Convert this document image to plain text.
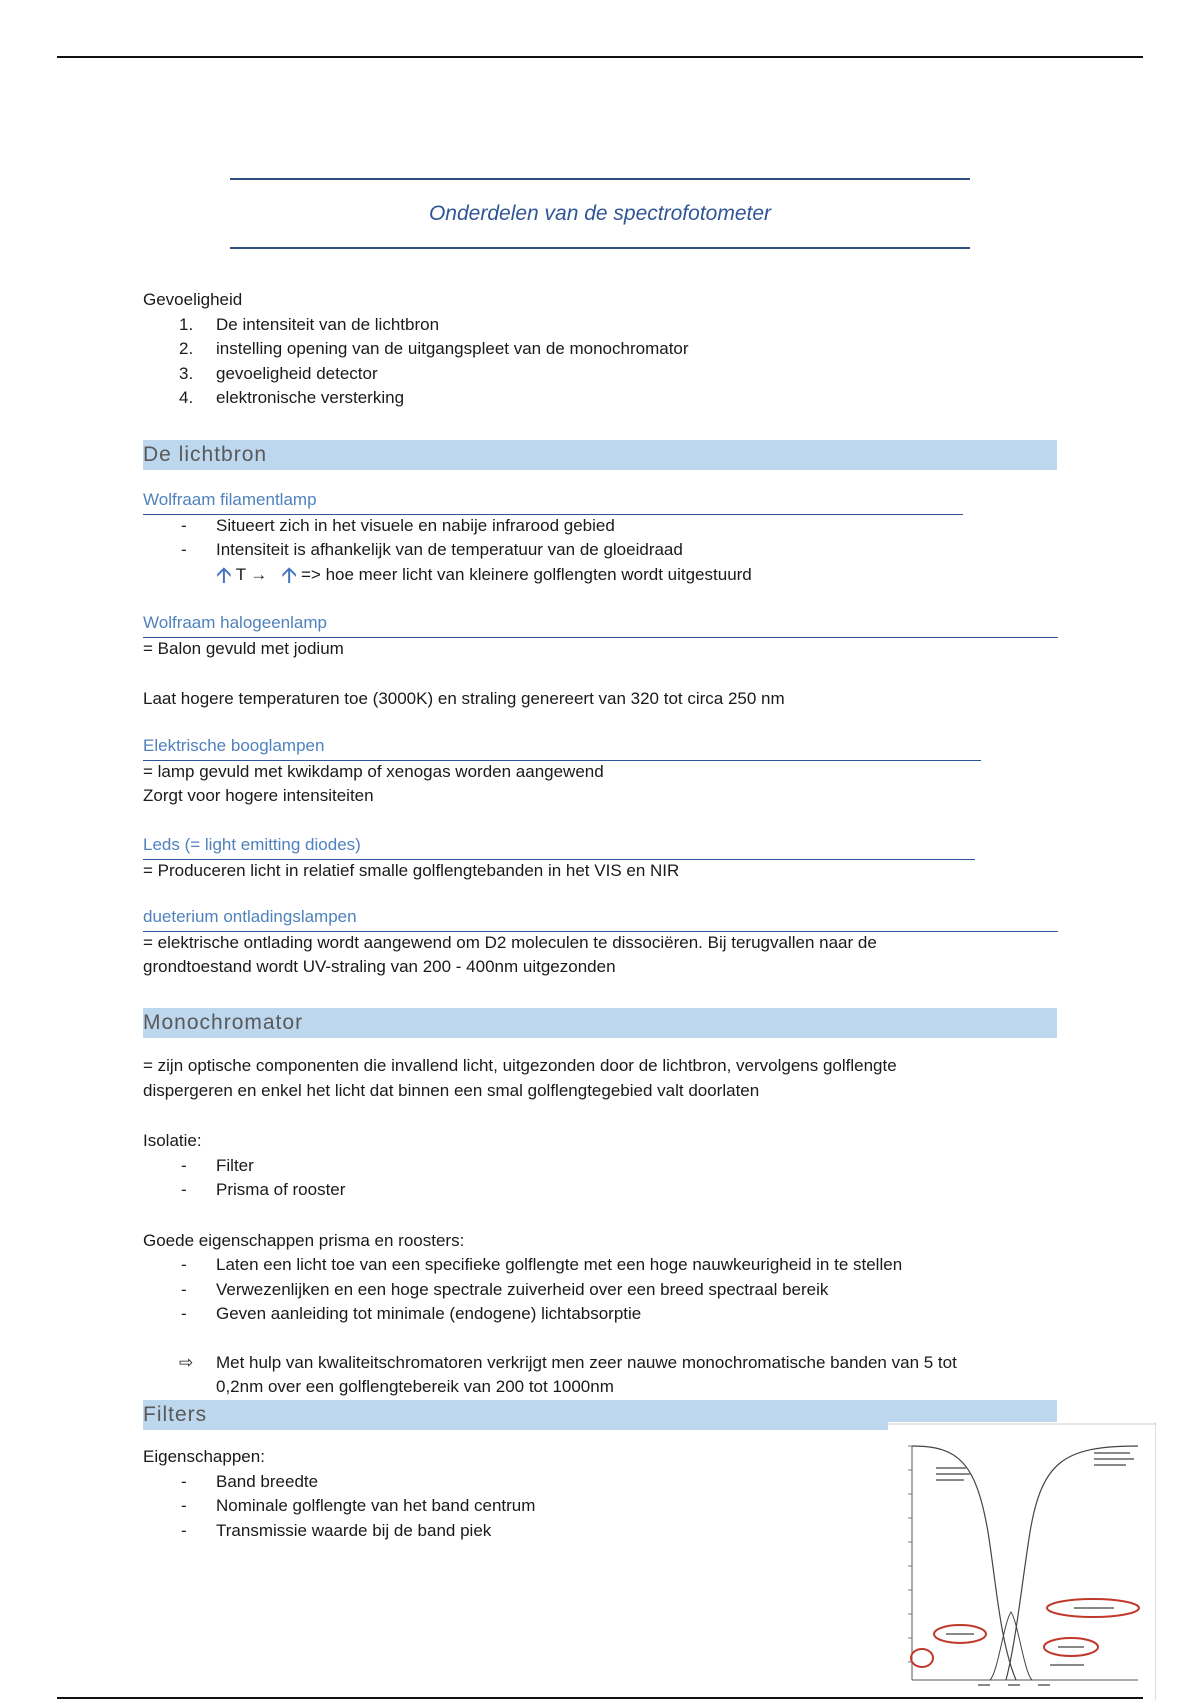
Onderdelen van de spectrofotometer
Gevoeligheid
1. De intensiteit van de lichtbron
2. instelling opening van de uitgangspleet van de monochromator
3. gevoeligheid detector
4. elektronische versterking
De lichtbron
Wolfraam filamentlamp
- Situeert zich in het visuele en nabije infrarood gebied
- Intensiteit is afhankelijk van de temperatuur van de gloeidraad
🡩 T → 🡩 => hoe meer licht van kleinere golflengten wordt uitgestuurd
Wolfraam halogeenlamp
= Balon gevuld met jodium
Laat hogere temperaturen toe (3000K) en straling genereert van 320 tot circa 250 nm
Elektrische booglampen
= lamp gevuld met kwikdamp of xenogas worden aangewend
Zorgt voor hogere intensiteiten
Leds (= light emitting diodes)
= Produceren licht in relatief smalle golflengtebanden in het VIS en NIR
dueterium ontladingslampen
= elektrische ontlading wordt aangewend om D2 moleculen te dissociëren. Bij terugvallen naar de
grondtoestand wordt UV-straling van 200 - 400nm uitgezonden
Monochromator
= zijn optische componenten die invallend licht, uitgezonden door de lichtbron, vervolgens golflengte
dispergeren en enkel het licht dat binnen een smal golflengtegebied valt doorlaten
Isolatie:
- Filter
- Prisma of rooster
Goede eigenschappen prisma en roosters:
- Laten een licht toe van een specifieke golflengte met een hoge nauwkeurigheid in te stellen
- Verwezenlijken en een hoge spectrale zuiverheid over een breed spectraal bereik
- Geven aanleiding tot minimale (endogene) lichtabsorptie
⇨ Met hulp van kwaliteitschromatoren verkrijgt men zeer nauwe monochromatische banden van 5 tot
0,2nm over een golflengtebereik van 200 tot 1000nm
Filters
Eigenschappen:
- Band breedte
- Nominale golflengte van het band centrum
- Transmissie waarde bij de band piek
